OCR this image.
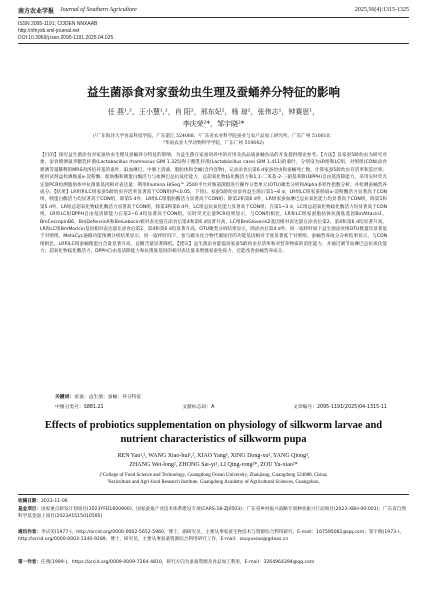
南方农业学报 Journal of Southern Agriculture	2025,56(4):1315-1325
ISSN 2095-1191; CODEN NNXAAB
http://nfnyxb.xml-journal.net
DOI:10.3969/j.issn.2095-1191.2025.04.025
益生菌添食对家蚕幼虫生理及蚕蛹养分特征的影响
任 燕¹,²，王小慧¹,²，肖 阳²，邢东妃²，杨 琼²，张伟志¹，钟赛思¹，
李庆荣²*，邹宇晓²*
(¹广东海洋大学食品科技学院，广东湛江 524088；²广东省农业科学院蚕业与农产品加工研究所，广东广州 510610；
³华南农业大学动物科学学院，广东广州 510642)
【目的】探究益生菌添食对家蚕幼虫生理及蚕蛹养分特征的影响，为益生菌在家蚕饲养中的应用及高品质蚕蛹食品的开发提供理论参考。【方法】以家蚕5龄幼虫为研究对象，添食喷洒鼠李糖乳杆菌(Lactobacillus rhamnosus GIM 1.325)和干酪乳杆菌(Lactobacillus casei GIM 1.411)的桑叶，分别设为LR组和LC组，对照组(CON)添食喷洒等量稀释的MRS肉汤培养基的桑叶。取血淋巴、中肠上清液、脂肪体和全蛹(含内容物)，记录添食后第6 d家蚕幼虫和蚕蛹死亡数，计算家蚕5龄幼虫存活率和茧层率。使用试剂盒检测肠道α-淀粉酶、脂肪酶和胰蛋白酶活力与血淋巴总抗氧化能力、总超氧化物歧化酶活力和1,1-二苯基-2-三硝基苯肼(DPPH)自由基清除能力。采用实时荧光定量PCR检测脂肪体中抗菌肽基因相对表达量；利用Illumina HiSeq™ 2500平台对肠道菌群进行操作分类单元(OTU)聚类分析和Alpha多样性指数分析，并检测蚕蛹营养成分。【结果】LR组和LC组家蚕5龄幼虫存活率显著高于CON组(P<0.05，下同)。家蚕5龄幼虫添食益生菌后第1~6 d，LR组LC组家蚕肠道α-淀粉酶活力显著高于CON组，胰蛋白酶活力均显著高于CON组，除第5 d外，LR组LC组脂肪酶活力显著高于CON组；除第2和第6 d外，LR组家蚕血淋巴总抗氧化能力均显著高于CON组，除第1和第5 d外，LR组总超氧化物歧化酶活力显著高于CON组，除第3和第6 d外，LC组总抗氧化能力显著高于CON组；在第1~3 d，LC组总超氧化物歧化酶活力均显著高于CON组，LR和LC组DPPH自由基清除能力在第2~6 d均显著高于CON组。实时荧光定量PCR结果显示，与CON组相比，LR和LC组家蚕脂肪体抗菌肽基因BmAttacin1、BmCecropinB6、BmDefensinA和BmLebocin相对表达量在添食后第4和第6 d显著升高，LC组BmGloverin2基因相对表达量在添食后第2、第4和第6 d均显著升高，LR和LC组BmMoricin基因相对表达量在添食后第2、第4和第6 d均显著升高。OTU聚类分析结果显示，除添食后第4 d外，同一取样时间下益生菌添食组OTU数量均显著低于对照组。MetaCyc通路功能预测分析结果显示，同一取样时间下，参与碳水化合物代谢途径的功能基因相对丰度显著低于对照组。蚕蛹营养成分分析结果显示，与CON组相比，LR和LC组蚕蛹粗蛋白含量显著升高，总糖含量显著降低。【建议】益生菌添食能提高家蚕5龄幼虫存活率和对营养物质的消化能力，并通过调节血淋巴总抗氧化能力、超氧化物歧化酶活力、DPPH自由基清除能力和抗菌肽基因的相对表达量来增强家蚕免疫力，还能改善蚕蛹营养成分。
关键词：家蚕；益生菌；蚕蛹；养分特征
中图分类号：S881.21	文献标志码：A	文章编号：2095-1191(2025)04-1315-11
Effects of probiotics supplementation on physiology of silkworm larvae and nutrient characteristics of silkworm pupa
REN Yan¹,², WANG Xiao-hui¹,², XIAO Yang², XING Dong-xu², YANG Qiong²,
ZHANG Wei-long², ZHONG Sai-yi¹, LI Qing-rong²*, ZOU Yu-xiao²*
(¹College of Food Science and Technology, Guangdong Ocean University, Zhanjiang, Guangdong 524088, China;
²Sericulture and Agri-food Research Institute, Guangdong Academy of Agricultural Sciences, Guangzhou,
收稿日期：2023-11-06
基金项目：国家重点研发计划项目(2023YFD1600900)；国家蚕桑产业技术体系建设专项(CARS-18-ZJ0503)；广东省乡村振兴战略专项种业振兴行动项目(2023-XBH-00-001)；广东省自然科学基金面上项目(2023A1515010595)
通讯作者：李庆荣(1977-)，http://orcid.org/0000-0002-5652-5960，博士，副研究员，主要从事家蚕生物技术与资源综合利用研究，E-mail：107595081@qq.com；邹宇晓(1973-)，http://orcid.org/0000-0003-1340-9289，博士，研究员，主要从事蚕桑资源综合利用研究工作，E-mail：zouyuxiao@gdaas.cn
第一作者：任燕(1999-)，https://orcid.org/0009-0009-7264-4810，研究方向为蚕桑资源及食品加工利用，E-mail：3264964394@qq.com
